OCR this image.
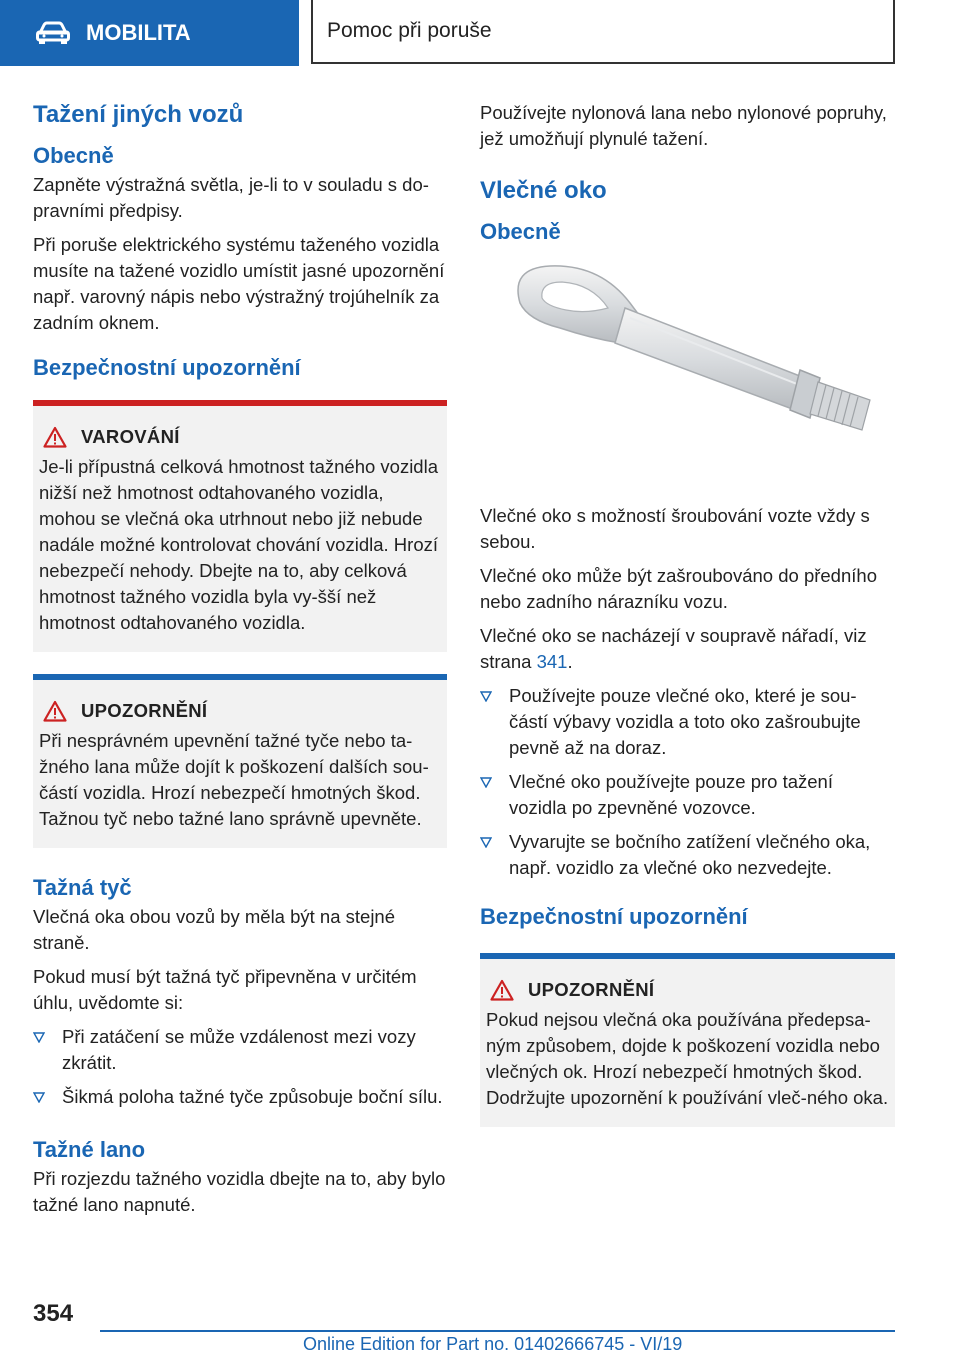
MOBILITA	Pomoc při poruše
Tažení jiných vozů
Obecně

Zapněte výstražná světla, je-li to v souladu s do-pravními předpisy.

Při poruše elektrického systému taženého vozidla musíte na tažené vozidlo umístit jasné upozornění např. varovný nápis nebo výstražný trojúhelník za zadním oknem.

Bezpečnostní upozornění
VAROVÁNÍ

Je-li přípustná celková hmotnost tažného vozidla nižší než hmotnost odtahovaného vozidla, mohou se vlečná oka utrhnout nebo již nebude nadále možné kontrolovat chování vozidla. Hrozí nebezpečí nehody. Dbejte na to, aby celková hmotnost tažného vozidla byla vy-šší než hmotnost odtahovaného vozidla.

UPOZORNĚNÍ

Při nesprávném upevnění tažné tyče nebo ta-žného lana může dojít k poškození dalších sou-částí vozidla. Hrozí nebezpečí hmotných škod. Tažnou tyč nebo tažné lano správně upevněte.

Tažná tyč

Vlečná oka obou vozů by měla být na stejné straně.

Pokud musí být tažná tyč připevněna v určitém úhlu, uvědomte si:

Při zatáčení se může vzdálenost mezi vozy zkrátit.
Šikmá poloha tažné tyče způsobuje boční sílu.
Tažné lano

Při rozjezdu tažného vozidla dbejte na to, aby bylo tažné lano napnuté.

Používejte nylonová lana nebo nylonové popruhy, jež umožňují plynulé tažení.

Vlečné oko
Obecně

Vlečné oko s možností šroubování vozte vždy s sebou.

Vlečné oko může být zašroubováno do předního nebo zadního nárazníku vozu.

Vlečné oko se nacházejí v soupravě nářadí, viz strana 341.

Používejte pouze vlečné oko, které je sou-částí výbavy vozidla a toto oko zašroubujte pevně až na doraz.
Vlečné oko používejte pouze pro tažení vozidla po zpevněné vozovce.
Vyvarujte se bočního zatížení vlečného oka, např. vozidlo za vlečné oko nezvedejte.
Bezpečnostní upozornění
UPOZORNĚNÍ

Pokud nejsou vlečná oka používána předepsa-ným způsobem, dojde k poškození vozidla nebo vlečných ok. Hrozí nebezpečí hmotných škod. Dodržujte upozornění k používání vleč-ného oka.

354
Online Edition for Part no. 01402666745 - VI/19
